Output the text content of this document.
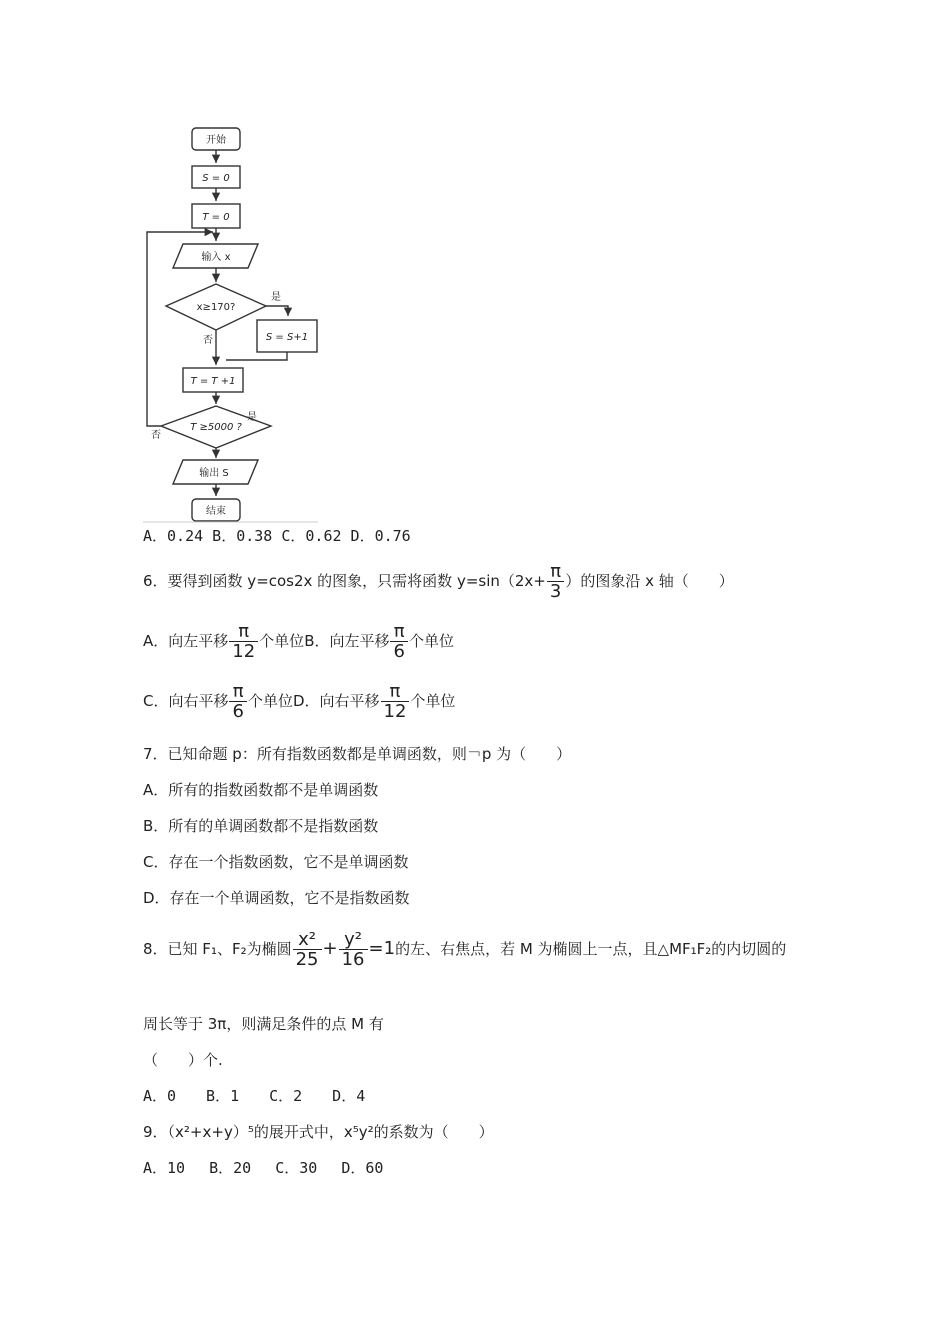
开始
S = 0
T = 0
输入 x
x≥170?
是
S = S+1
否
T = T +1
T ≥5000 ?
是
否
输出 S
结束
A．0.24 B．0.38 C．0.62 D．0.76
6．要得到函数 y=cos2x 的图象，只需将函数 $y=\sin(2x+ \frac{\pi}{3}$ ）的图象沿 x 轴（　　）
A．向左平移 $\frac{\pi}{12}$ 个单位B．向左平移 $\frac{\pi}{6}$ 个单位
C．向右平移 $\frac{\pi}{6}$ 个单位D．向右平移 $\frac{\pi}{12}$ 个单位
7．已知命题 p：所有指数函数都是单调函数，则￢p 为（　　）
A．所有的指数函数都不是单调函数
B．所有的单调函数都不是指数函数
C．存在一个指数函数，它不是单调函数
D．存在一个单调函数，它不是指数函数
8．已知 F₁、F₂为椭圆 $\frac{\text{x²}}{25} + \frac{\text{y²}}{16} =1$的左、右焦点，若 M 为椭圆上一点，且△MF₁F₂的内切圆的
周长等于 3π，则满足条件的点 M 有
（　　）个.
A．0　　B．1　　C．2　　D．4
9．（x²+x+y）⁵的展开式中，x⁵y²的系数为（　　）
A．10　 B．20　 C．30　 D．60
